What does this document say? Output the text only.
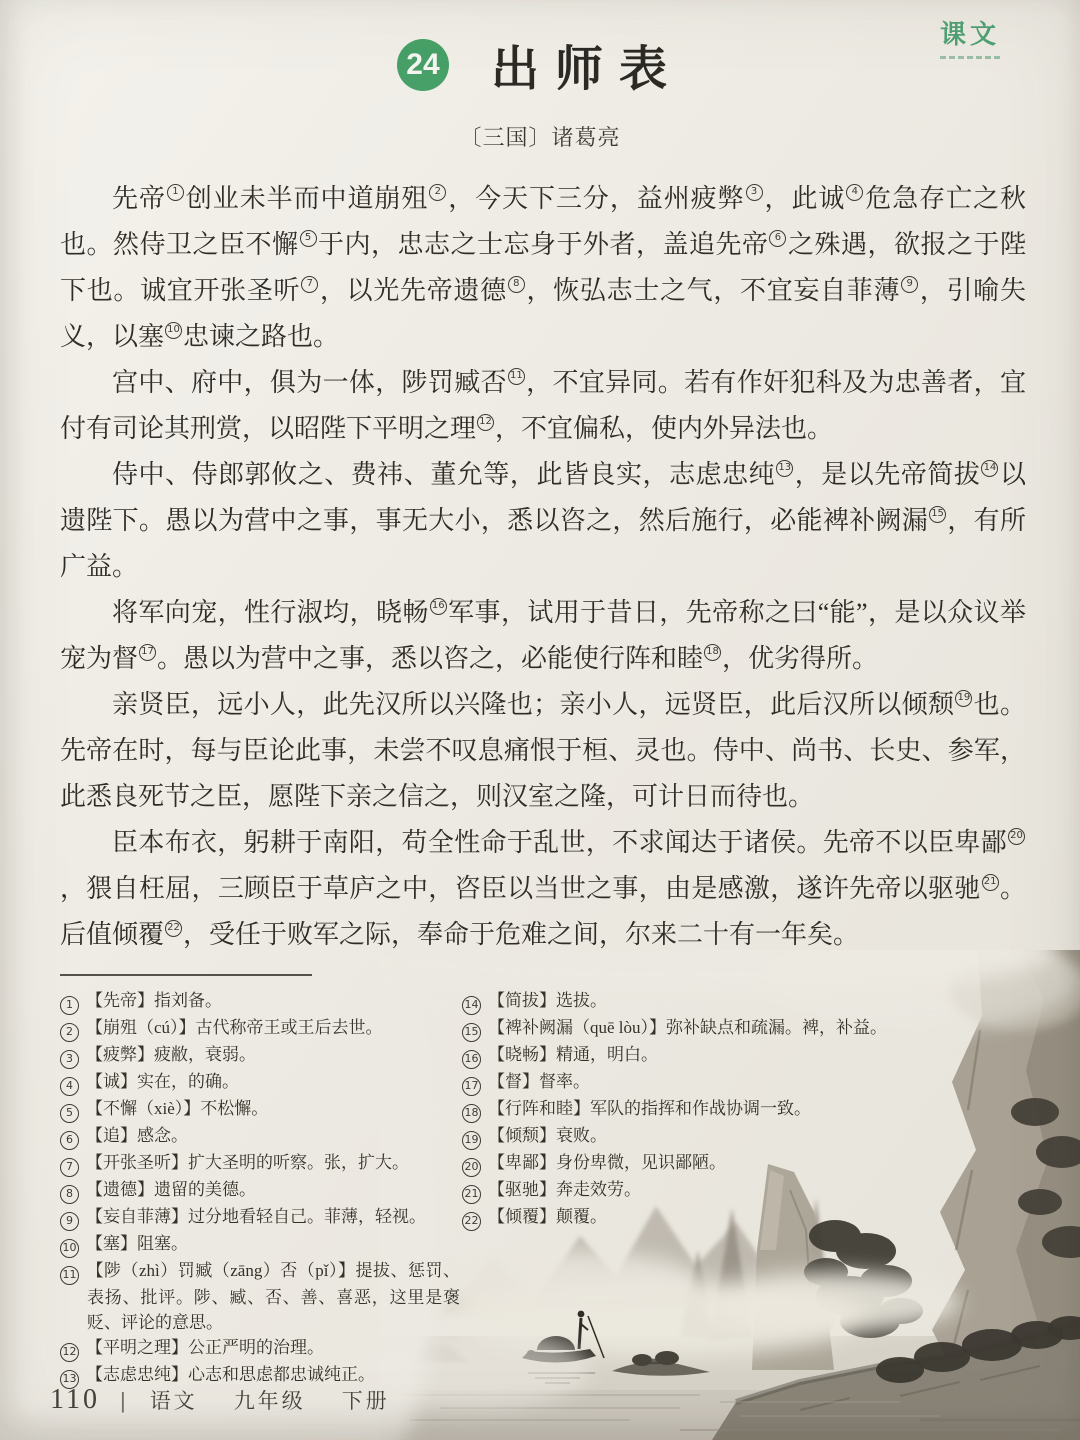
课文
24 出师表
〔三国〕诸葛亮

先帝 $^1$ 创业未半而中道崩殂 $^2$ ，今天下三分，益州疲弊 $^3$ ，此诚 $^4$ 危急存亡之秋也。然侍卫之臣不懈 $^5$ 于内，忠志之士忘身于外者，盖追先帝 $^6$ 之殊遇，欲报之于陛下也。诚宜开张圣听 $^7$ ，以光先帝遗德 $^8$ ，恢弘志士之气，不宜妄自菲薄 $^9$ ，引喻失义，以塞 $^{10}$ 忠谏之路也。

宫中、府中，俱为一体，陟罚臧否 $^{11}$ ，不宜异同。若有作奸犯科及为忠善者，宜付有司论其刑赏，以昭陛下平明之理 $^{12}$ ，不宜偏私，使内外异法也。

侍中、侍郎郭攸之、费祎、董允等，此皆良实，志虑忠纯 $^{13}$ ，是以先帝简拔 $^{14}$ 以遗陛下。愚以为营中之事，事无大小，悉以咨之，然后施行，必能裨补阙漏 $^{15}$ ，有所广益。

将军向宠，性行淑均，晓畅 $^{16}$ 军事，试用于昔日，先帝称之曰“能”，是以众议举宠为督 $^{17}$ 。愚以为营中之事，悉以咨之，必能使行阵和睦 $^{18}$ ，优劣得所。

亲贤臣，远小人，此先汉所以兴隆也；亲小人，远贤臣，此后汉所以倾颓 $^{19}$ 也。先帝在时，每与臣论此事，未尝不叹息痛恨于桓、灵也。侍中、尚书、长史、参军，此悉良死节之臣，愿陛下亲之信之，则汉室之隆，可计日而待也。

臣本布衣，躬耕于南阳，苟全性命于乱世，不求闻达于诸侯。先帝不以臣卑鄙 $^{20}$，猥自枉屈，三顾臣于草庐之中，咨臣以当世之事，由是感激，遂许先帝以驱驰 $^{21}$ 。后值倾覆 $^{22}$ ，受任于败军之际，奉命于危难之间，尔来二十有一年矣。

1 【先帝】指刘备。
2 【崩殂（cú）】古代称帝王或王后去世。
3 【疲弊】疲敝，衰弱。
4 【诚】实在，的确。
5 【不懈（xiè）】不松懈。
6 【追】感念。
7 【开张圣听】扩大圣明的听察。张，扩大。
8 【遗德】遗留的美德。
9 【妄自菲薄】过分地看轻自己。菲薄，轻视。
10 【塞】阻塞。
11 【陟（zhì）罚臧（zāng）否（pǐ）】提拔、惩罚、表扬、批评。陟、臧、否、善、喜恶，这里是褒贬、评论的意思。
12 【平明之理】公正严明的治理。
13 【志虑忠纯】心志和思虑都忠诚纯正。
14 【简拔】选拔。
15 【裨补阙漏（quē lòu）】弥补缺点和疏漏。裨，补益。
16 【晓畅】精通，明白。
17 【督】督率。
18 【行阵和睦】军队的指挥和作战协调一致。
19 【倾颓】衰败。
20 【卑鄙】身份卑微，见识鄙陋。
21 【驱驰】奔走效劳。
22 【倾覆】颠覆。
110 | 语文 九年级 下册
